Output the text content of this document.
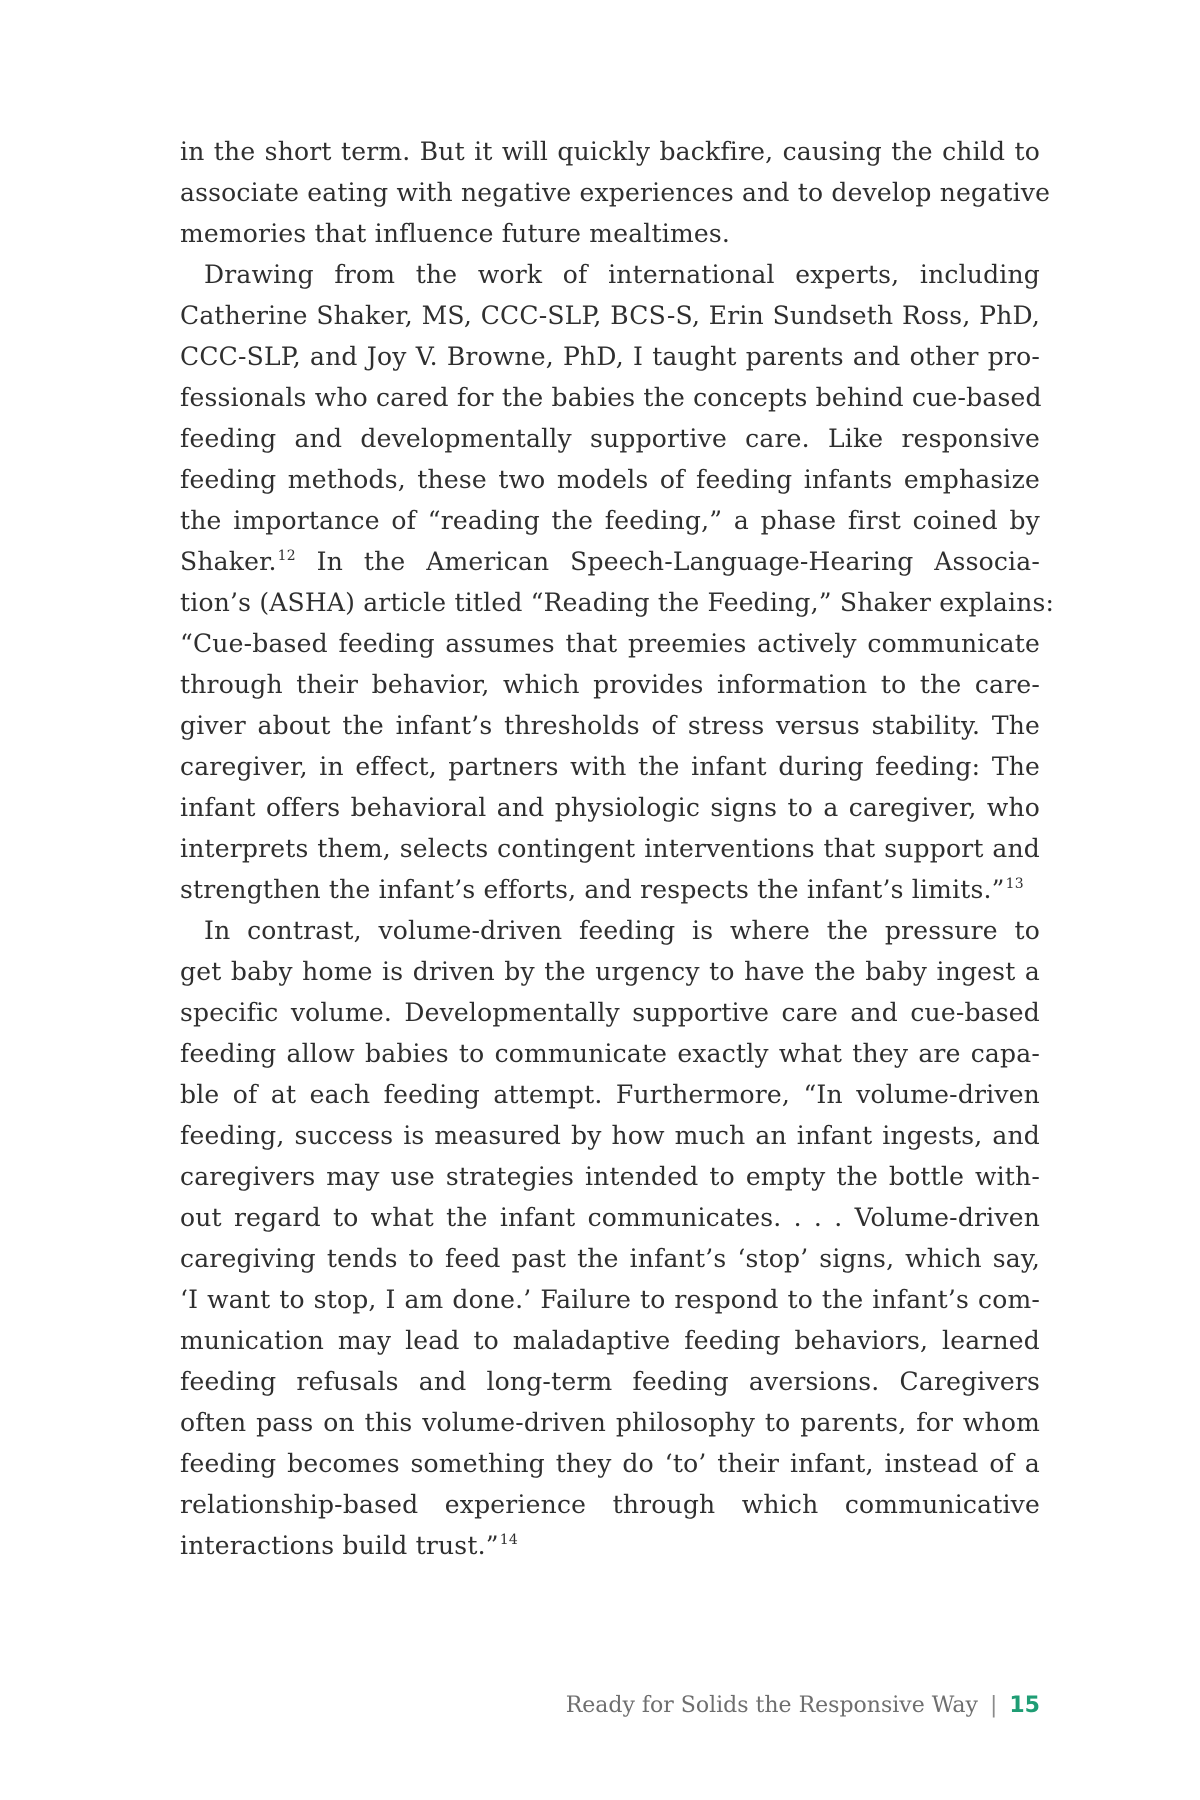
in the short term. But it will quickly backfire, causing the child to
associate eating with negative experiences and to develop negative
memories that influence future mealtimes.
Drawing from the work of international experts, including
Catherine Shaker, MS, CCC-SLP, BCS-S, Erin Sundseth Ross, PhD,
CCC-SLP, and Joy V. Browne, PhD, I taught parents and other pro-
fessionals who cared for the babies the concepts behind cue-based
feeding and developmentally supportive care. Like responsive
feeding methods, these two models of feeding infants emphasize
the importance of “reading the feeding,” a phase first coined by
Shaker.$^{12}$ In the American Speech-Language-Hearing Associa-
tion’s (ASHA) article titled “Reading the Feeding,” Shaker explains:
“Cue-based feeding assumes that preemies actively communicate
through their behavior, which provides information to the care-
giver about the infant’s thresholds of stress versus stability. The
caregiver, in effect, partners with the infant during feeding: The
infant offers behavioral and physiologic signs to a caregiver, who
interprets them, selects contingent interventions that support and
strengthen the infant’s efforts, and respects the infant’s limits.”$^{13}$
In contrast, volume-driven feeding is where the pressure to
get baby home is driven by the urgency to have the baby ingest a
specific volume. Developmentally supportive care and cue-based
feeding allow babies to communicate exactly what they are capa-
ble of at each feeding attempt. Furthermore, “In volume-driven
feeding, success is measured by how much an infant ingests, and
caregivers may use strategies intended to empty the bottle with-
out regard to what the infant communicates. . . . Volume-driven
caregiving tends to feed past the infant’s ‘stop’ signs, which say,
‘I want to stop, I am done.’ Failure to respond to the infant’s com-
munication may lead to maladaptive feeding behaviors, learned
feeding refusals and long-term feeding aversions. Caregivers
often pass on this volume-driven philosophy to parents, for whom
feeding becomes something they do ‘to’ their infant, instead of a
relationship-based experience through which communicative
interactions build trust.”$^{14}$
Ready for Solids the Responsive Way | 15
